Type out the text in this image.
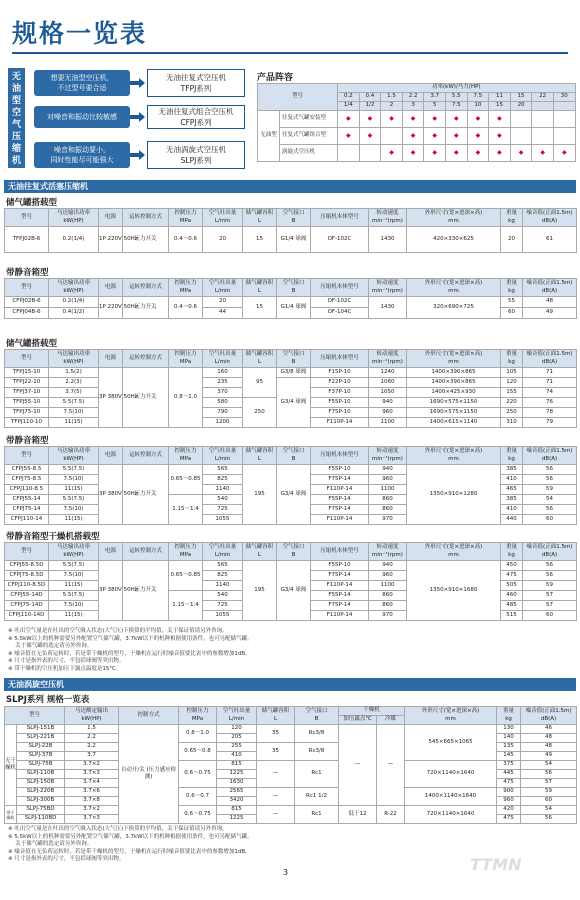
规格一览表
无油型空气压缩机
想要无油型空压机，
不过型号要合适
无油往复式空压机
TFPJ系列
对噪音和振动比较敏感
无油往复式组合空压机
CFPJ系列
噪音和振动要小，
同时性能尽可能强大
无油涡旋式空压机
SLPJ系列
产品阵容
型号		功率(kW)/马力(HP)										
		0.2	0.4	1.5	2.2	3.7	5.5	7.5	11	15	22	30
		1/4	1/2	2	3	5	7.5	10	15	20		
无油型	往复式气罐安装型	◆	◆	◆	◆	◆	◆	◆	◆			
	往复式气罐组合型	◆	◆		◆	◆	◆	◆	◆			
	涡旋式空压机			◆	◆	◆	◆	◆	◆	◆	◆	◆
无油往复式活塞压缩机
储气罐搭载型
型号	马达输出功率
kW(HP)	电源	运转控制方式	控制压力
MPa	空气吐出量
L/min	储气罐容积
L	空气接口
B	压缩机本体型号	转动速度
min⁻¹(rpm)	外形尺寸(宽×进深×高)
mm	重量
kg	噪音值(正面1.5m)
dB(A)
TFPJ02B-6	0.2(1/4)	1P 220V 50Hz	压力开关	0.4～0.6	20	15	G1/4 球阀	OF-102C	1430	420×330×625	20	61
带静音箱型
型号	马达输出功率
kW(HP)	电源	运转控制方式	控制压力
MPa	空气吐出量
L/min	储气罐容积
L	空气接口
B	压缩机本体型号	转动速度
min⁻¹(rpm)	外形尺寸(宽×进深×高)
mm	重量
kg	噪音值(正面1.5m)
dB(A)
CFPJ02B-6	0.2(1/4)	1P 220V 50Hz	压力开关	0.4～0.6	20	15	G1/4 球阀	OF-102C	1430	320×690×725	55	48
CFPJ04B-6	0.4(1/2)				44			OF-104C			60	49
储气罐搭载型
型号	马达输出功率
kW(HP)	电源	运转控制方式	控制压力
MPa	空气吐出量
L/min	储气罐容积
L	空气接口
B	压缩机本体型号	转动速度
min⁻¹(rpm)	外形尺寸(宽×进深×高)
mm	重量
kg	噪音值(正面1.5m)
dB(A)
TFPJ15-10	1.5(2)	3P 380V 50Hz	压力开关	0.8～1.0	160	95	G3/8 球阀	F15P-10	1240	1400×390×865	105	71
TFPJ22-10	2.2(3)				235		G3/4 球阀	F22P-10	1060	1400×390×865	120	71
TFPJ37-10	3.7(5)				370			F37P-10	1050	1400×425×930	155	74
TFPJ55-10	5.5(7.5)				580	250		F55P-10	940	1690×575×1150	220	76
TFPJ75-10	7.5(10)				790			F75P-10	960	1690×575×1150	250	78
TFPJ110-10	11(15)				1200			F110P-14	1100	1400×615×1140	310	79
带静音箱型
型号	马达输出功率
kW(HP)	电源	运转控制方式	控制压力
MPa	空气吐出量
L/min	储气罐容积
L	空气接口
B	压缩机本体型号	转动速度
min⁻¹(rpm)	外形尺寸(宽×进深×高)
mm	重量
kg	噪音值(正面1.5m)
dB(A)
CFPJ55-8.5	5.5(7.5)	3P 380V 50Hz	压力开关	0.65～0.85	565	195	G3/4 球阀	F55P-10	940	1350×910×1280	385	56
CFPJ75-8.5	7.5(10)				825			F75P-14	960		410	56
CFPJ110-8.5	11(15)				1140			F110P-14	1100		465	59
CFPJ55-14	5.5(7.5)			1.15～1.4	540			F55P-14	860		385	54
CFPJ75-14	7.5(10)				725			F75P-14	860		410	56
CFPJ110-14	11(15)				1055			F110P-14	970		440	60
带静音箱型干燥机搭载型
型号	马达输出功率
kW(HP)	电源	运转控制方式	控制压力
MPa	空气吐出量
L/min	储气罐容积
L	空气接口
B	压缩机本体型号	转动速度
min⁻¹(rpm)	外形尺寸(宽×进深×高)
mm	重量
kg	噪音值(正面1.5m)
dB(A)
CFPJ55-8.5D	5.5(7.5)	3P 380V 50Hz	压力开关	0.65～0.85	565	195	G3/4 球阀	F55P-10	940	1350×910×1680	450	56
CFPJ75-8.5D	7.5(10)				825			F75P-14	960		475	56
CFPJ110-8.5D	11(15)				1140			F110P-14	1100		505	59
CFPJ55-14D	5.5(7.5)			1.15～1.4	540			F55P-14	860		460	57
CFPJ75-14D	7.5(10)				725			F75P-14	860		485	57
CFPJ110-14D	11(15)				1055			F110P-14	970		515	60
※ 吐出空气量是在吐出的空气吸入状态(大气压)下换算的平均值，关于保证值请另外咨询。
※ 5.5kW以上的机种需要另外配置空气储气罐，3.7kW以下的机种根据使用条件，也可另配储气罐。
　 关于储气罐的选定请另外咨询。
※ 噪音值在无负荷运转时，若是带干燥机的型号，干燥机在运行时噪音值要比表中的参数增加1dB。
※ 尺寸是指外表的尺寸，不包括球阀等突出物。
※ 带干燥机的空压机加压下露点温度是15℃。
无油涡旋空压机
SLPJ系列 规格一览表
型号		马达额定输出
kW(HP)	控制方式	控制压力
MPa	空气吐出量
L/min	储气罐容积
L	空气接口
B	干燥机		外形尺寸(宽×进深×高)
mm	重量
kg	噪音值(正面1.5m)
dB(A)
								加压露点℃	冷媒			
无干燥机	SLPJ-151B	1.5	自动开/关 (压力感应检测)	0.8～1.0	120	35	Rc3/8	—	—	545×665×1065	130	46
	SLPJ-221B	2.2			205						140	48
	SLPJ-22B	2.2		0.65～0.8	255	35	Rc3/8				135	48
	SLPJ-37B	3.7			410						145	49
	SLPJ-75B	3.7×2		0.6～0.75	815	—	Rc1			720×1140×1640	375	54
	SLPJ-110B	3.7×3			1225						445	56
	SLPJ-150B	3.7×4			1630						475	57
	SLPJ-220B	3.7×6		0.6～0.7	2565	—	Rc1 1/2			1400×1140×1640	900	59
	SLPJ-300B	3.7×8			3420						960	60
带干燥机	SLPJ-75BD	3.7×2		0.6～0.75	815	—	Rc1	低于12	R-22	720×1140×1640	420	54
	SLPJ-110BD	3.7×3			1225						475	56
※ 吐出空气量是在吐出的空气吸入状态(大气压)下换算的平均值，关于保证值请另外咨询。
※ 5.5kW以上的机种需要另外配置空气储气罐，3.7kW以下的机种根据使用条件，也可另配储气罐。
　 关于储气罐的选定请另外咨询。
※ 噪音值在无负荷运转时，若是带干燥机的型号，干燥机在运行时噪音值要比表中的参数增加1dB。
※ 尺寸是指外表的尺寸，不包括球阀等突出物。
3	TTMN
